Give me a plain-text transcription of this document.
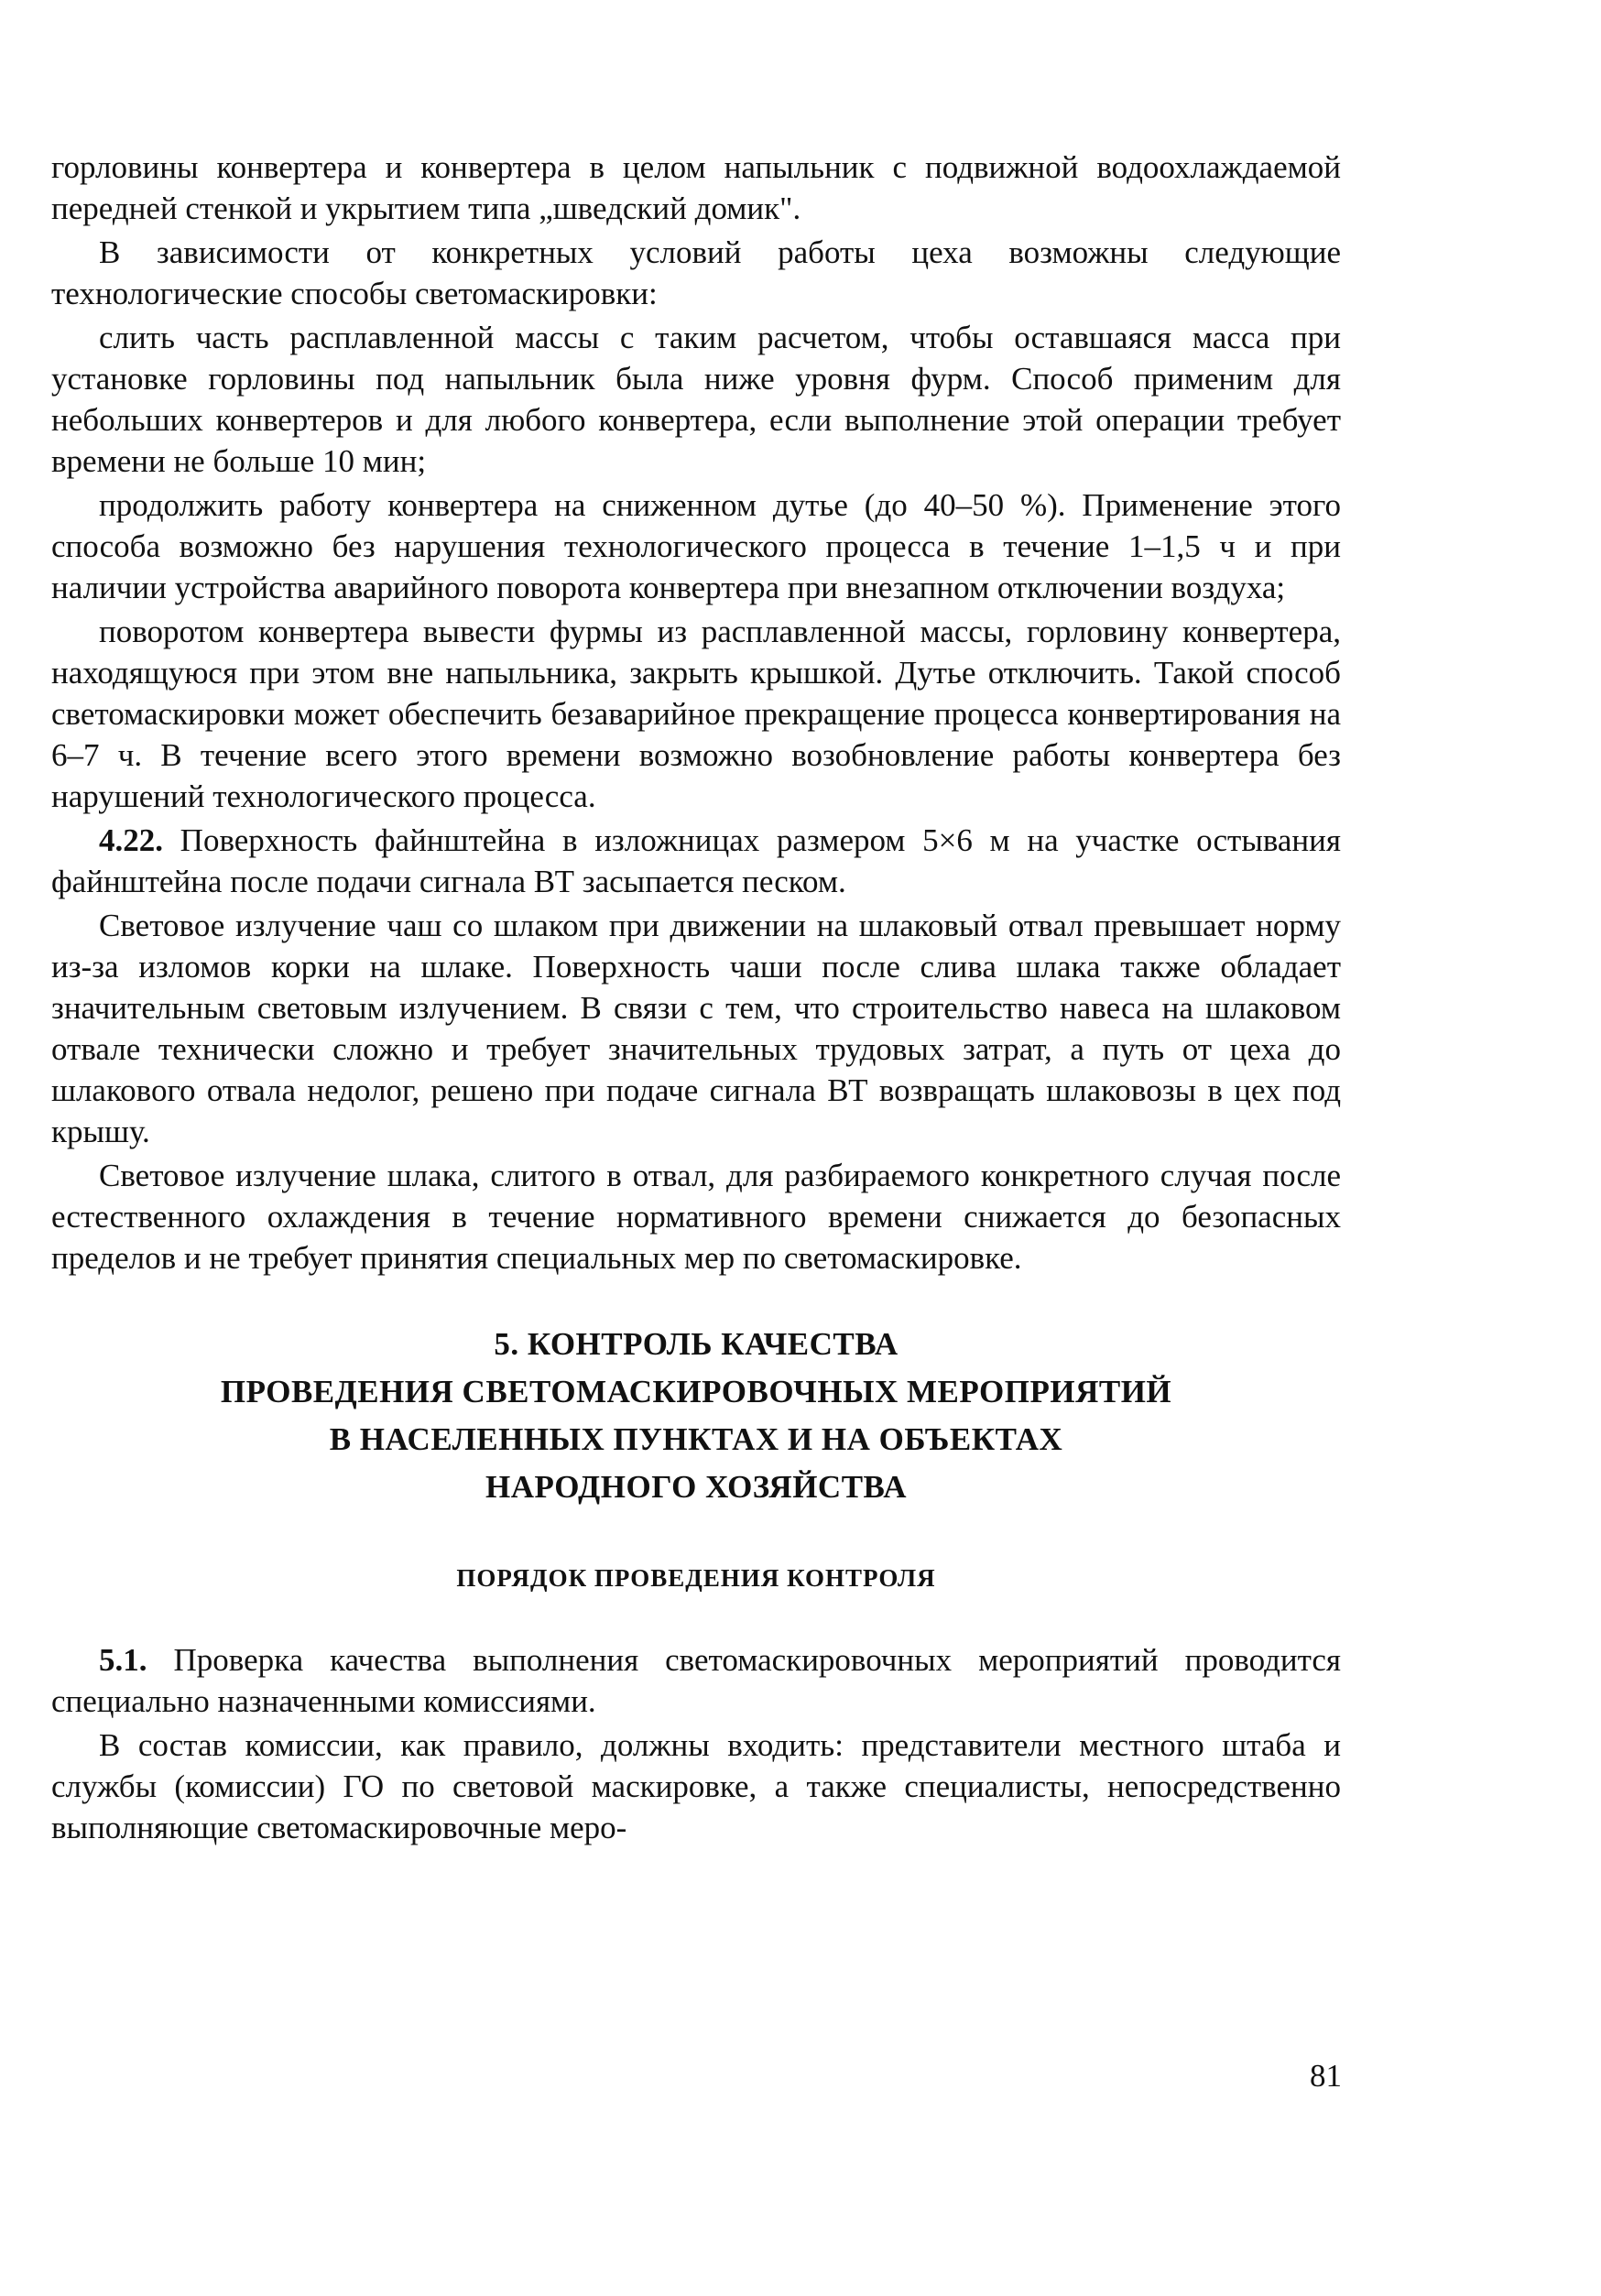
горловины конвертера и конвертера в целом напыльник с подвижной водоохлаждаемой передней стенкой и укрытием типа „шведский домик".

В зависимости от конкретных условий работы цеха возможны следующие технологические способы светомаскировки:

слить часть расплавленной массы с таким расчетом, чтобы оставшаяся масса при установке горловины под напыльник была ниже уровня фурм. Способ применим для небольших конвертеров и для любого конвертера, если выполнение этой операции требует времени не больше 10 мин;

продолжить работу конвертера на сниженном дутье (до 40–50 %). Применение этого способа возможно без нарушения технологического процесса в течение 1–1,5 ч и при наличии устройства аварийного поворота конвертера при внезапном отключении воздуха;

поворотом конвертера вывести фурмы из расплавленной массы, горловину конвертера, находящуюся при этом вне напыльника, закрыть крышкой. Дутье отключить. Такой способ светомаскировки может обеспечить безаварийное прекращение процесса конвертирования на 6–7 ч. В течение всего этого времени возможно возобновление работы конвертера без нарушений технологического процесса.

4.22. Поверхность файнштейна в изложницах размером 5×6 м на участке остывания файнштейна после подачи сигнала ВТ засыпается песком.

Световое излучение чаш со шлаком при движении на шлаковый отвал превышает норму из-за изломов корки на шлаке. Поверхность чаши после слива шлака также обладает значительным световым излучением. В связи с тем, что строительство навеса на шлаковом отвале технически сложно и требует значительных трудовых затрат, а путь от цеха до шлакового отвала недолог, решено при подаче сигнала ВТ возвращать шлаковозы в цех под крышу.

Световое излучение шлака, слитого в отвал, для разбираемого конкретного случая после естественного охлаждения в течение нормативного времени снижается до безопасных пределов и не требует принятия специальных мер по светомаскировке.

5. КОНТРОЛЬ КАЧЕСТВА
ПРОВЕДЕНИЯ СВЕТОМАСКИРОВОЧНЫХ МЕРОПРИЯТИЙ
В НАСЕЛЕННЫХ ПУНКТАХ И НА ОБЪЕКТАХ
НАРОДНОГО ХОЗЯЙСТВА
ПОРЯДОК ПРОВЕДЕНИЯ КОНТРОЛЯ

5.1. Проверка качества выполнения светомаскировочных мероприятий проводится специально назначенными комиссиями.

В состав комиссии, как правило, должны входить: представители местного штаба и службы (комиссии) ГО по световой маскировке, а также специалисты, непосредственно выполняющие светомаскировочные меро-

81
